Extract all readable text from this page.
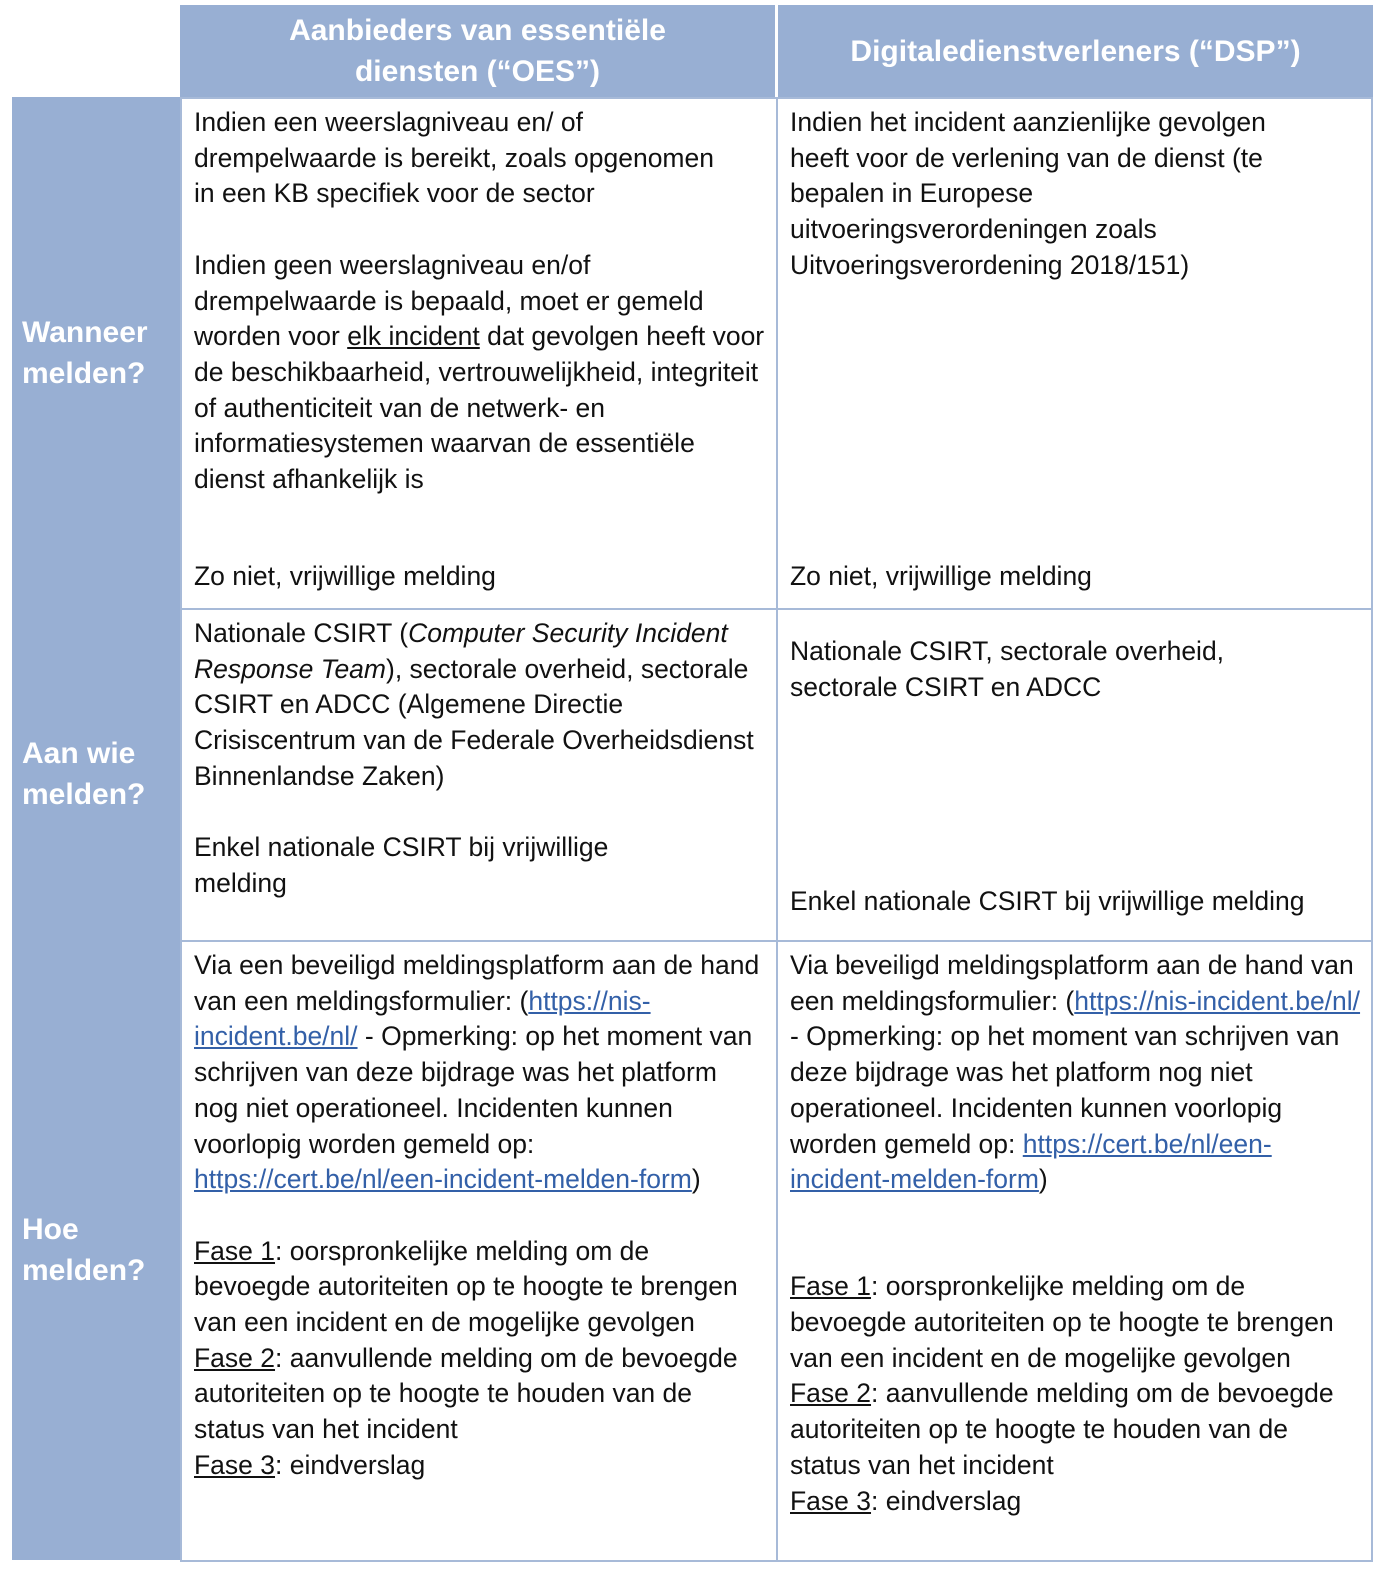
Aanbieders van essentiële diensten (“OES”)
Digitaledienstverleners (“DSP”)
Wanneer melden?
Aan wie melden?
Hoe melden?

Indien een weerslagniveau en/ of drempelwaarde is bereikt, zoals opgenomen in een KB specifiek voor de sector

Indien geen weerslagniveau en/of drempelwaarde is bepaald, moet er gemeld worden voor elk incident dat gevolgen heeft voor de beschikbaarheid, vertrouwelijkheid, integriteit of authenticiteit van de netwerk- en informatiesystemen waarvan de essentiële dienst afhankelijk is

Zo niet, vrijwillige melding

Indien het incident aanzienlijke gevolgen heeft voor de verlening van de dienst (te bepalen in Europese uitvoeringsverordeningen zoals Uitvoeringsverordening 2018/151)

Zo niet, vrijwillige melding

Nationale CSIRT (Computer Security Incident Response Team), sectorale overheid, sectorale CSIRT en ADCC (Algemene Directie Crisiscentrum van de Federale Overheidsdienst Binnenlandse Zaken)

Enkel nationale CSIRT bij vrijwillige melding

Nationale CSIRT, sectorale overheid, sectorale CSIRT en ADCC

Enkel nationale CSIRT bij vrijwillige melding

Via een beveiligd meldingsplatform aan de hand van een meldingsformulier: (https://nis-incident.be/nl/ - Opmerking: op het moment van schrijven van deze bijdrage was het platform nog niet operationeel. Incidenten kunnen voorlopig worden gemeld op: https://cert.be/nl/een-incident-melden-form)

Fase 1: oorspronkelijke melding om de bevoegde autoriteiten op te hoogte te brengen van een incident en de mogelijke gevolgen

Fase 2: aanvullende melding om de bevoegde autoriteiten op te hoogte te houden van de status van het incident

Fase 3: eindverslag

Via beveiligd meldingsplatform aan de hand van een meldingsformulier: (https://nis-incident.be/nl/ - Opmerking: op het moment van schrijven van deze bijdrage was het platform nog niet operationeel. Incidenten kunnen voorlopig worden gemeld op: https://cert.be/nl/een-incident-melden-form)

Fase 1: oorspronkelijke melding om de bevoegde autoriteiten op te hoogte te brengen van een incident en de mogelijke gevolgen

Fase 2: aanvullende melding om de bevoegde autoriteiten op te hoogte te houden van de status van het incident

Fase 3: eindverslag
